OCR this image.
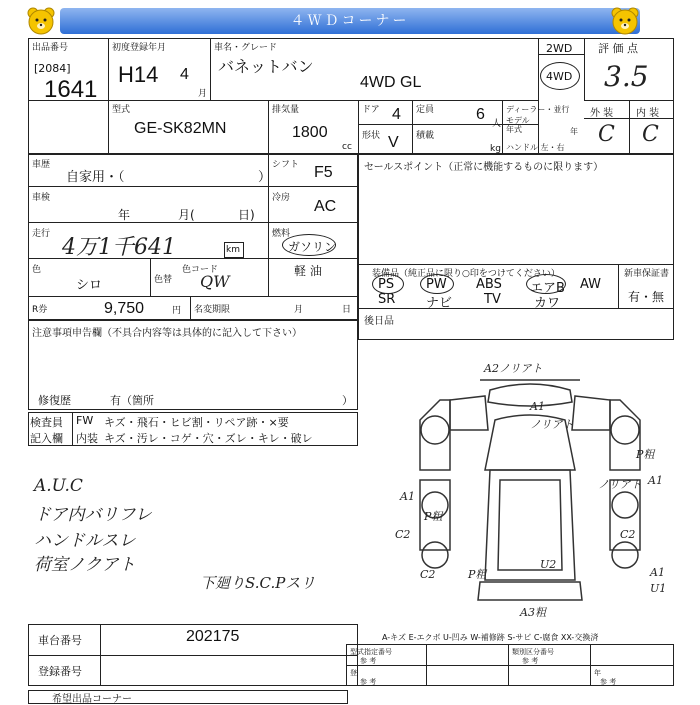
４ＷＤコーナー
出品番号
[2084]
1641
初度登録年月
H14 4
月
車名・グレード
バネットバン
4WD GL
2WD
4WD
評 価 点
3.5
型式
GE-SK82MN
排気量
1800
cc
ドア 4
形状 V
定員	6
人
積載
kg
ディーラー・並行
モデル年式	年
ハンドル 左・右
外 装
C
内 装
C
車歴
自家用・（	）
シフト F5
車検
年	月(	日)
冷房 AC
走行
4万1千641	km
燃料
ガソリン
軽 油
色
シロ	色替
色コード
QW
R券	9,750	円 名変期限	月	日
セールスポイント（正常に機能するものに限ります）
装備品（純正品に限り○印をつけてください）	新車保証書
有・無
PS PW ABS エアB AW
SR ナビ TV	カワ
後日品
注意事項申告欄（不具合内容等は具体的に記入して下さい）
修復歴	有（箇所	）
検査員
記入欄
FW キズ・飛石・ヒビ割・リペア跡・×要
内装 キズ・汚レ・コゲ・穴・ズレ・キレ・破レ
A.U.C
ドア内バリフレ
ハンドルスレ
荷室ノクアト
下廻りS.C.Pスリ
A2ノリアト
A1
ノリアト
P粗
A1
ノリアト
A1
C2
P粗
C2
C2	P粗
U2
A1
U1
A3粗
車台番号	202175
登録番号
A-キズ E-エクボ U-凹み W-補修跡 S-サビ C-腐食 XX-交換済
型式指定番号
参 考
類別区分番号
参 考
登
参 考
年
参 考
希望出品コーナー
